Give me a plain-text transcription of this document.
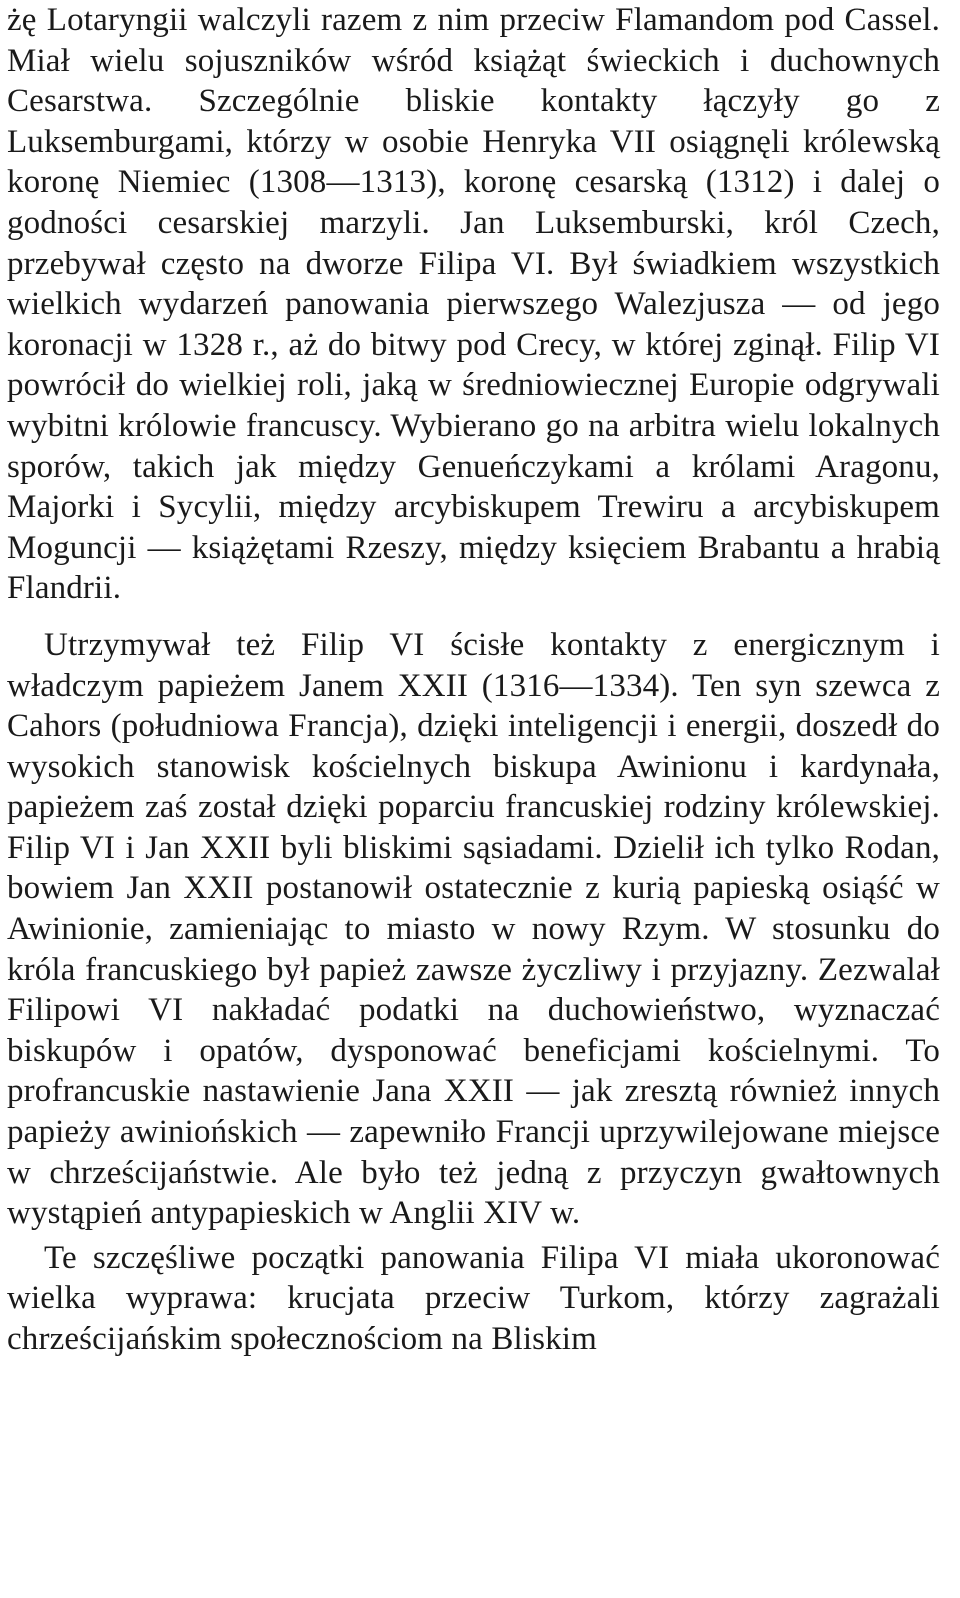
żę Lotaryngii walczyli razem z nim przeciw Flamandom pod Cassel. Miał wielu sojuszników wśród książąt świeckich i duchownych Cesarstwa. Szczególnie bliskie kontakty łączyły go z Luksemburgami, którzy w osobie Henryka VII osiągnęli królewską koronę Niemiec (1308—1313), koronę cesarską (1312) i dalej o godności cesarskiej marzyli. Jan Luksemburski, król Czech, przebywał często na dworze Filipa VI. Był świadkiem wszystkich wielkich wydarzeń panowania pierwszego Walezjusza — od jego koronacji w 1328 r., aż do bitwy pod Crecy, w której zginął. Filip VI powrócił do wielkiej roli, jaką w średniowiecznej Europie odgrywali wybitni królowie francuscy. Wybierano go na arbitra wielu lokalnych sporów, takich jak między Genueńczykami a królami Aragonu, Majorki i Sycylii, między arcybiskupem Trewiru a arcybiskupem Moguncji — książętami Rzeszy, między księciem Brabantu a hrabią Flandrii.

Utrzymywał też Filip VI ścisłe kontakty z energicznym i władczym papieżem Janem XXII (1316—1334). Ten syn szewca z Cahors (południowa Francja), dzięki inteligencji i energii, doszedł do wysokich stanowisk kościelnych biskupa Awinionu i kardynała, papieżem zaś został dzięki poparciu francuskiej rodziny królewskiej. Filip VI i Jan XXII byli bliskimi sąsiadami. Dzielił ich tylko Rodan, bowiem Jan XXII postanowił ostatecznie z kurią papieską osiąść w Awinionie, zamieniając to miasto w nowy Rzym. W stosunku do króla francuskiego był papież zawsze życzliwy i przyjazny. Zezwalał Filipowi VI nakładać podatki na duchowieństwo, wyznaczać biskupów i opatów, dysponować beneficjami kościelnymi. To profrancuskie nastawienie Jana XXII — jak zresztą również innych papieży awiniońskich — zapewniło Francji uprzywilejowane miejsce w chrześcijaństwie. Ale było też jedną z przyczyn gwałtownych wystąpień antypapieskich w Anglii XIV w.

Te szczęśliwe początki panowania Filipa VI miała ukoronować wielka wyprawa: krucjata przeciw Turkom, którzy zagrażali chrześcijańskim społecznościom na Bliskim
